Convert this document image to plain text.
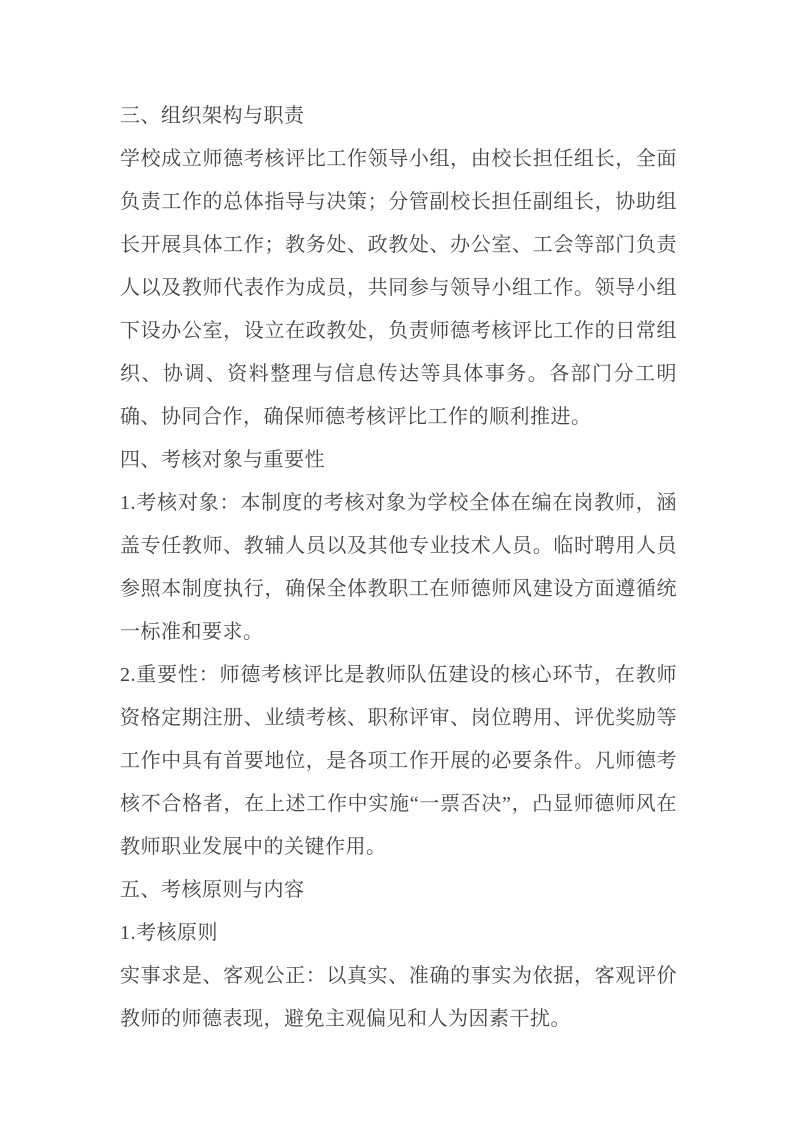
三、组织架构与职责
学校成立师德考核评比工作领导小组，由校长担任组长，全面负责工作的总体指导与决策；分管副校长担任副组长，协助组长开展具体工作；教务处、政教处、办公室、工会等部门负责人以及教师代表作为成员，共同参与领导小组工作。领导小组下设办公室，设立在政教处，负责师德考核评比工作的日常组织、协调、资料整理与信息传达等具体事务。各部门分工明确、协同合作，确保师德考核评比工作的顺利推进。
四、考核对象与重要性
1.考核对象：本制度的考核对象为学校全体在编在岗教师，涵盖专任教师、教辅人员以及其他专业技术人员。临时聘用人员参照本制度执行，确保全体教职工在师德师风建设方面遵循统一标准和要求。
2.重要性：师德考核评比是教师队伍建设的核心环节，在教师资格定期注册、业绩考核、职称评审、岗位聘用、评优奖励等工作中具有首要地位，是各项工作开展的必要条件。凡师德考核不合格者，在上述工作中实施“一票否决”，凸显师德师风在教师职业发展中的关键作用。
五、考核原则与内容
1.考核原则
实事求是、客观公正：以真实、准确的事实为依据，客观评价教师的师德表现，避免主观偏见和人为因素干扰。
